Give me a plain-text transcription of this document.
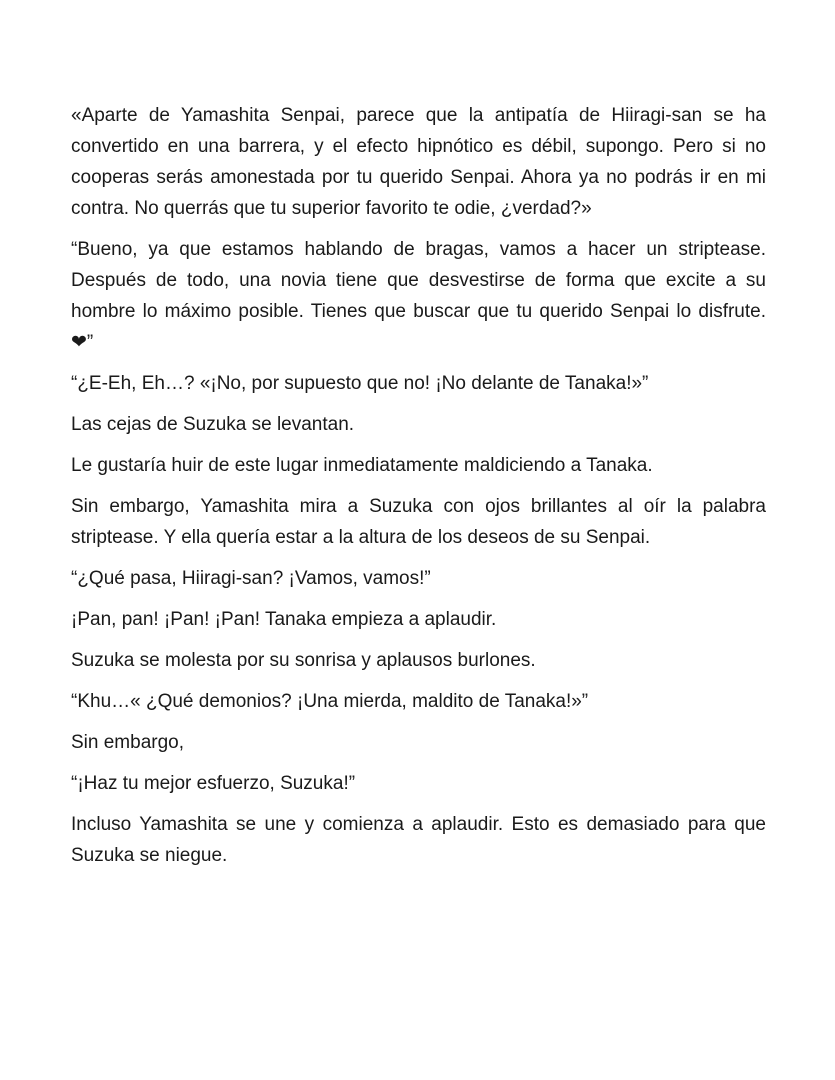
«Aparte de Yamashita Senpai, parece que la antipatía de Hiiragi-san se ha convertido en una barrera, y el efecto hipnótico es débil, supongo. Pero si no cooperas serás amonestada por tu querido Senpai. Ahora ya no podrás ir en mi contra. No querrás que tu superior favorito te odie, ¿verdad?»

“Bueno, ya que estamos hablando de bragas, vamos a hacer un striptease. Después de todo, una novia tiene que desvestirse de forma que excite a su hombre lo máximo posible. Tienes que buscar que tu querido Senpai lo disfrute. ❤”

“¿E-Eh, Eh…? «¡No, por supuesto que no! ¡No delante de Tanaka!»”

Las cejas de Suzuka se levantan.

Le gustaría huir de este lugar inmediatamente maldiciendo a Tanaka.

Sin embargo, Yamashita mira a Suzuka con ojos brillantes al oír la palabra striptease. Y ella quería estar a la altura de los deseos de su Senpai.

“¿Qué pasa, Hiiragi-san? ¡Vamos, vamos!”

¡Pan, pan! ¡Pan! ¡Pan! Tanaka empieza a aplaudir.

Suzuka se molesta por su sonrisa y aplausos burlones.

“Khu…« ¿Qué demonios? ¡Una mierda, maldito de Tanaka!»”

Sin embargo,

“¡Haz tu mejor esfuerzo, Suzuka!”

Incluso Yamashita se une y comienza a aplaudir. Esto es demasiado para que Suzuka se niegue.
